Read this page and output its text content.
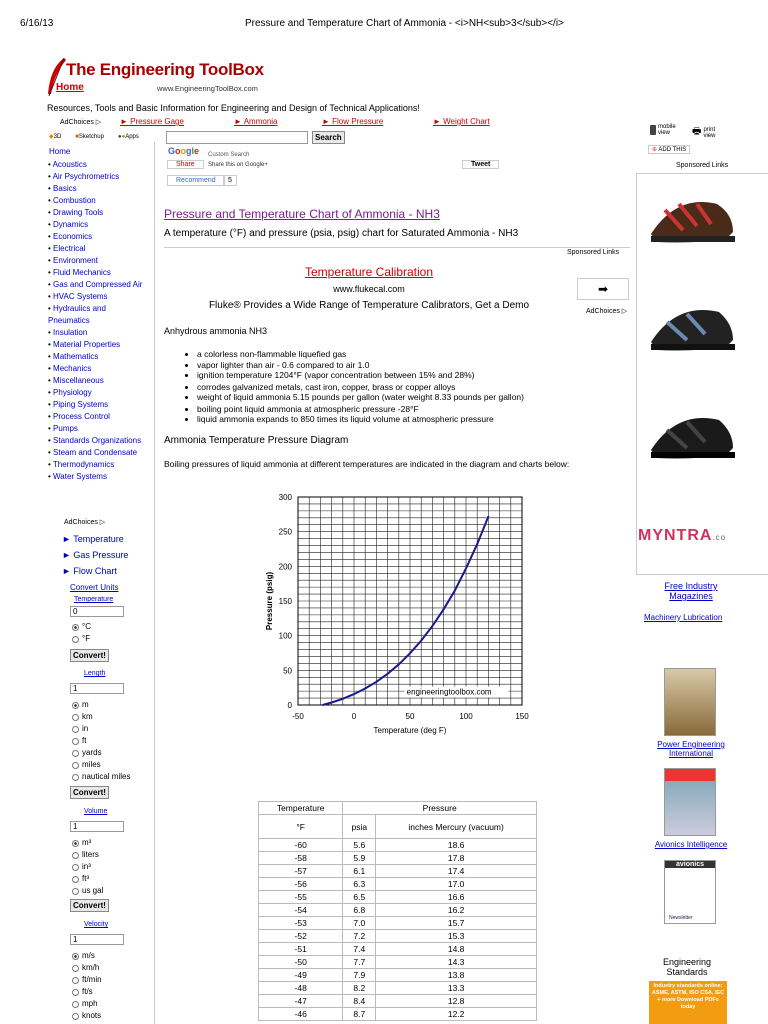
6/16/13	Pressure and Temperature Chart of Ammonia - <i>NH<sub>3</sub></i>
The Engineering ToolBox
Home	www.EngineeringToolBox.com
Resources, Tools and Basic Information for Engineering and Design of Technical Applications!
AdChoices ▷ ► Pressure Gage	► Ammonia	► Flow Pressure	► Weight Chart
◆3D ■Sketchup ●●Apps	Search
Google Custom Search
Share	Share this on Google+	Tweet
Recommend	5
Home
• Acoustics
• Air Psychrometrics
• Basics
• Combustion
• Drawing Tools
• Dynamics
• Economics
• Electrical
• Environment
• Fluid Mechanics
• Gas and Compressed Air
• HVAC Systems
• Hydraulics and Pneumatics
• Insulation
• Material Properties
• Mathematics
• Mechanics
• Miscellaneous
• Physiology
• Piping Systems
• Process Control
• Pumps
• Standards Organizations
• Steam and Condensate
• Thermodynamics
• Water Systems
AdChoices ▷
► Temperature
► Gas Pressure
► Flow Chart
Convert Units
Temperature
0
°C
°F
Convert!
Length
1
m
km
in
ft
yards
miles
nautical miles
Convert!
Volume
1
m³
liters
in³
ft³
us gal
Convert!
Velocity
1
m/s
km/h
ft/min
ft/s
mph
knots
Pressure and Temperature Chart of Ammonia - NH3
A temperature (°F) and pressure (psia, psig) chart for Saturated Ammonia - NH3
Sponsored Links
Temperature Calibration
www.flukecal.com
Fluke® Provides a Wide Range of Temperature Calibrators, Get a Demo
➡
AdChoices ▷
Anhydrous ammonia NH3
• a colorless non-flammable liquefied gas
• vapor lighter than air - 0.6 compared to air 1.0
• ignition temperature 1204°F (vapor concentration between 15% and 28%)
• corrodes galvanized metals, cast iron, copper, brass or copper alloys
• weight of liquid ammonia 5.15 pounds per gallon (water weight 8.33 pounds per gallon)
• boiling point liquid ammonia at atmospheric pressure -28°F
• liquid ammonia expands to 850 times its liquid volume at atmospheric pressure
Ammonia Temperature Pressure Diagram
Boiling pressures of liquid ammonia at different temperatures are indicated in the diagram and charts below:
0
50
100
150
200
250
300
-50	0	50	100	150
Temperature (deg F)
Pressure (psig)
engineeringtoolbox.com
Temperature	Pressure	
°F	psia	inches Mercury (vacuum)
-60	5.6	18.6
-58	5.9	17.8
-57	6.1	17.4
-56	6.3	17.0
-55	6.5	16.6
-54	6.8	16.2
-53	7.0	15.7
-52	7.2	15.3
-51	7.4	14.8
-50	7.7	14.3
-49	7.9	13.8
-48	8.2	13.3
-47	8.4	12.8
-46	8.7	12.2
mobile view	🖶 print view
⊕ ADD THIS
Sponsored Links
MYNTRA.co
Free Industry Magazines
Machinery Lubrication
Power Engineering International
Avionics Intelligence
avionics
Newsletter
Engineering Standards
Industry standards online: ASME, ASTM, ISO CSA, IEC + more Download PDFs today
